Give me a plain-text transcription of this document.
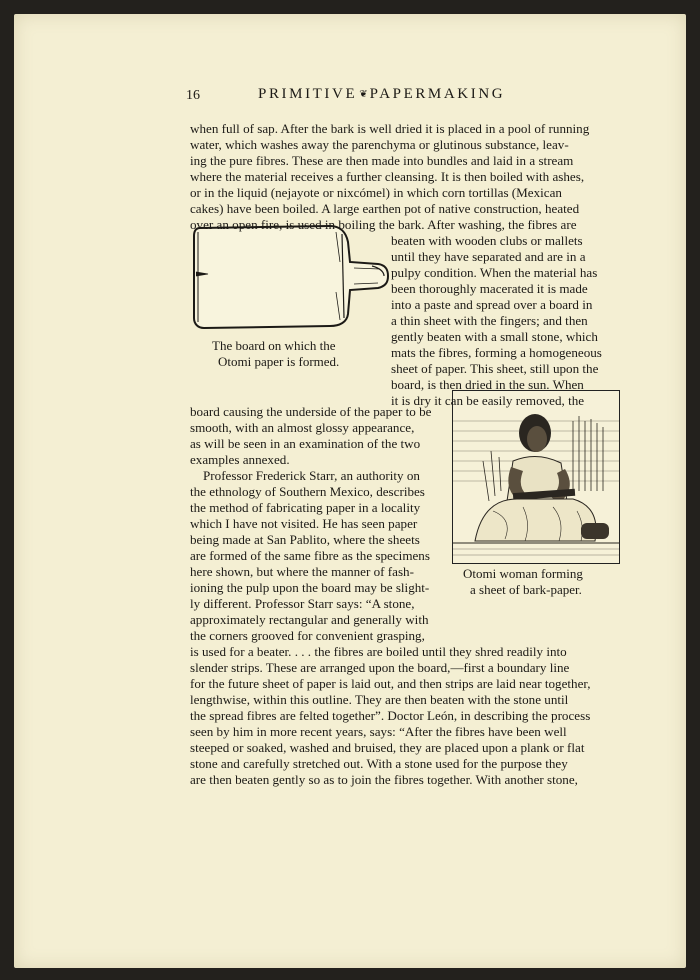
16	PRIMITIVE ❦ PAPERMAKING
The board on which the
Otomi paper is formed.
Otomi woman forming
a sheet of bark-paper.
when full of sap. After the bark is well dried it is placed in a pool of running
water, which washes away the parenchyma or glutinous substance, leav-
ing the pure fibres. These are then made into bundles and laid in a stream
where the material receives a further cleansing. It is then boiled with ashes,
or in the liquid (nejayote or nixcómel) in which corn tortillas (Mexican
cakes) have been boiled. A large earthen pot of native construction, heated
over an open fire, is used in boiling the bark. After washing, the fibres are
beaten with wooden clubs or mallets
until they have separated and are in a
pulpy condition. When the material has
been thoroughly macerated it is made
into a paste and spread over a board in
a thin sheet with the fingers; and then
gently beaten with a small stone, which
mats the fibres, forming a homogeneous
sheet of paper. This sheet, still upon the
board, is then dried in the sun. When
it is dry it can be easily removed, the
board causing the underside of the paper to be
smooth, with an almost glossy appearance,
as will be seen in an examination of the two
examples annexed.
Professor Frederick Starr, an authority on
the ethnology of Southern Mexico, describes
the method of fabricating paper in a locality
which I have not visited. He has seen paper
being made at San Pablito, where the sheets
are formed of the same fibre as the specimens
here shown, but where the manner of fash-
ioning the pulp upon the board may be slight-
ly different. Professor Starr says: “A stone,
approximately rectangular and generally with
the corners grooved for convenient grasping,
is used for a beater. . . . the fibres are boiled until they shred readily into
slender strips. These are arranged upon the board,—first a boundary line
for the future sheet of paper is laid out, and then strips are laid near together,
lengthwise, within this outline. They are then beaten with the stone until
the spread fibres are felted together”. Doctor León, in describing the process
seen by him in more recent years, says: “After the fibres have been well
steeped or soaked, washed and bruised, they are placed upon a plank or flat
stone and carefully stretched out. With a stone used for the purpose they
are then beaten gently so as to join the fibres together. With another stone,
